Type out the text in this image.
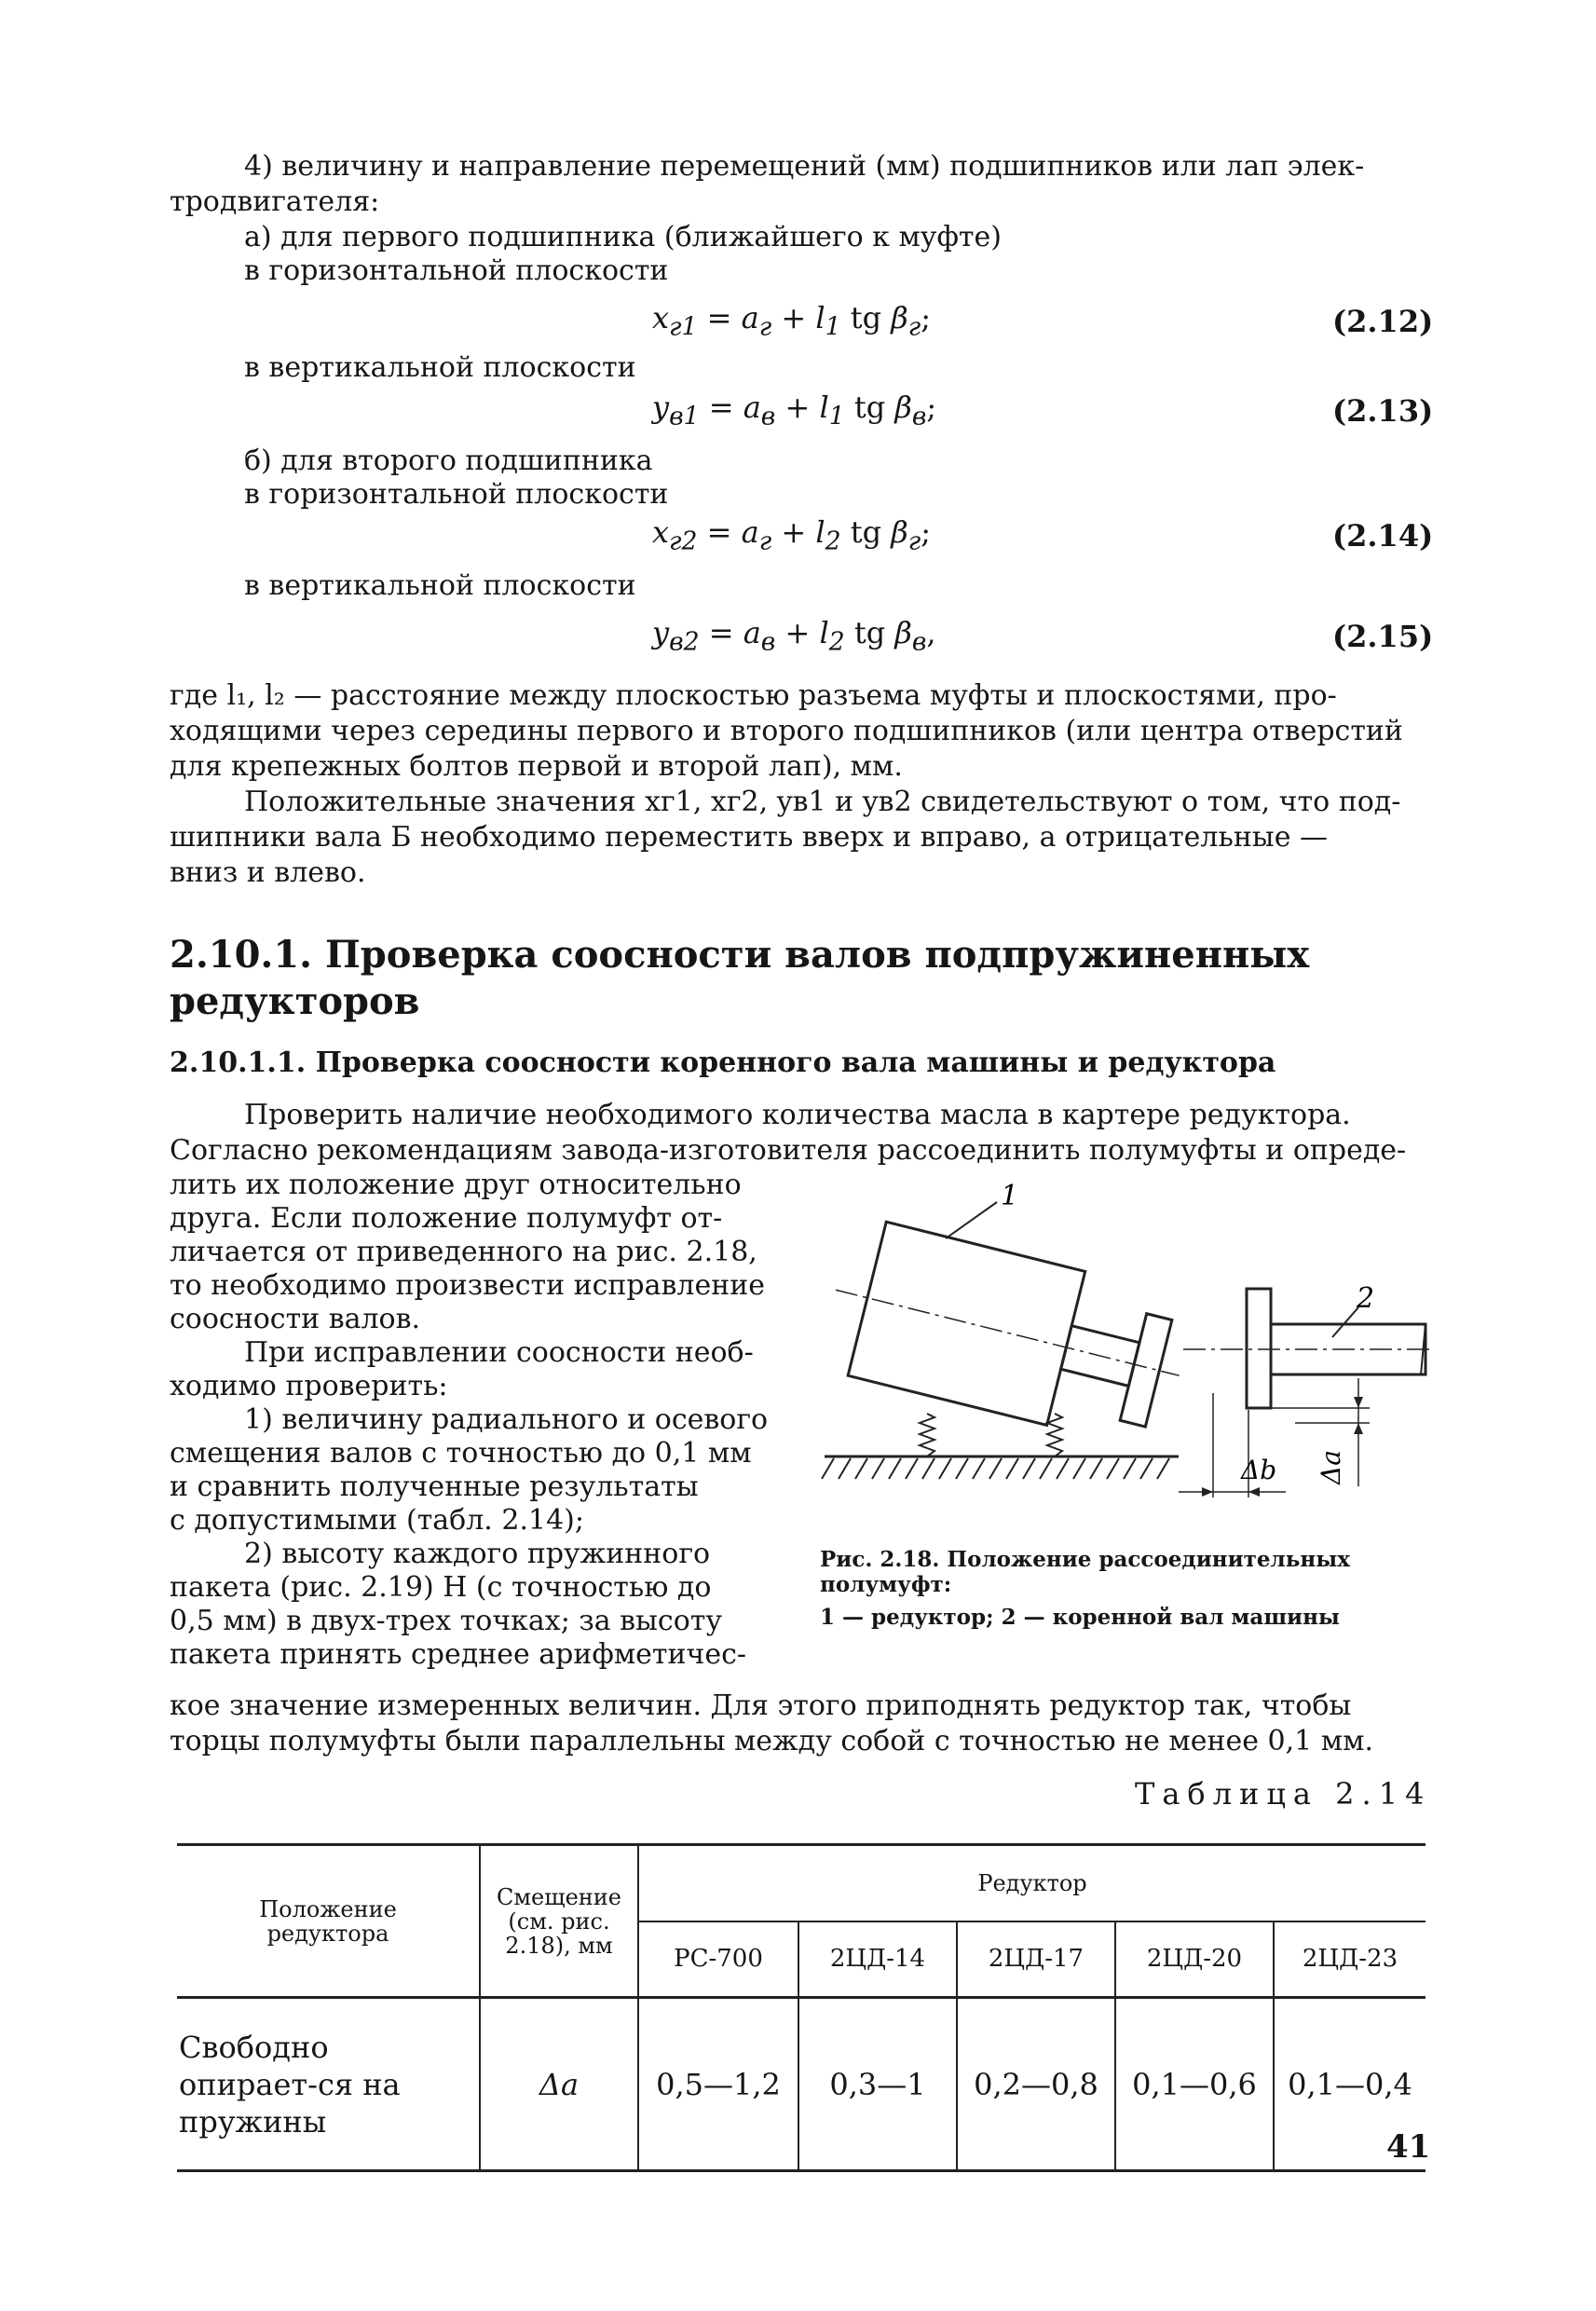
4) величину и направление перемещений (мм) подшипников или лап элек-
тродвигателя:
а) для первого подшипника (ближайшего к муфте)
в горизонтальной плоскости
$x_{г1} = a_г + l_1$ tg $\beta_г$;	(2.12)
в вертикальной плоскости
$y_{в1} = a_в + l_1$ tg $\beta_в$;	(2.13)
б) для второго подшипника
в горизонтальной плоскости
$x_{г2} = a_г + l_2$ tg $\beta_г$;	(2.14)
в вертикальной плоскости
$y_{в2} = a_в + l_2$ tg $\beta_в$,	(2.15)
где l₁, l₂ — расстояние между плоскостью разъема муфты и плоскостями, про-
ходящими через середины первого и второго подшипников (или центра отверстий
для крепежных болтов первой и второй лап), мм.
Положительные значения xг1, xг2, yв1 и yв2 свидетельствуют о том, что под-
шипники вала Б необходимо переместить вверх и вправо, а отрицательные —
вниз и влево.
2.10.1. Проверка соосности валов подпружиненных
редукторов
2.10.1.1. Проверка соосности коренного вала машины и редуктора
Проверить наличие необходимого количества масла в картере редуктора.
Согласно рекомендациям завода-изготовителя рассоединить полумуфты и опреде-
лить их положение друг относительно
друга. Если положение полумуфт от-
личается от приведенного на рис. 2.18,
то необходимо произвести исправление
соосности валов.
При исправлении соосности необ-
ходимо проверить:
1) величину радиального и осевого
смещения валов с точностью до 0,1 мм
и сравнить полученные результаты
с допустимыми (табл. 2.14);
2) высоту каждого пружинного
пакета (рис. 2.19) H (с точностью до
0,5 мм) в двух-трех точках; за высоту
пакета принять среднее арифметичес-
1
2
Δb Δa
Рис. 2.18. Положение рассоединительных
полумуфт:
1 — редуктор; 2 — коренной вал машины
кое значение измеренных величин. Для этого приподнять редуктор так, чтобы
торцы полумуфты были параллельны между собой с точностью не менее 0,1 мм.
Таблица 2.14
Положение редуктора	Смещение (см. рис. 2.18), мм	Редуктор				
		РС-700	2ЦД-14	2ЦД-17	2ЦД-20	2ЦД-23
Свободно опирает-ся на пружины	Δa	0,5—1,2	0,3—1	0,2—0,8	0,1—0,6	0,1—0,4
41
